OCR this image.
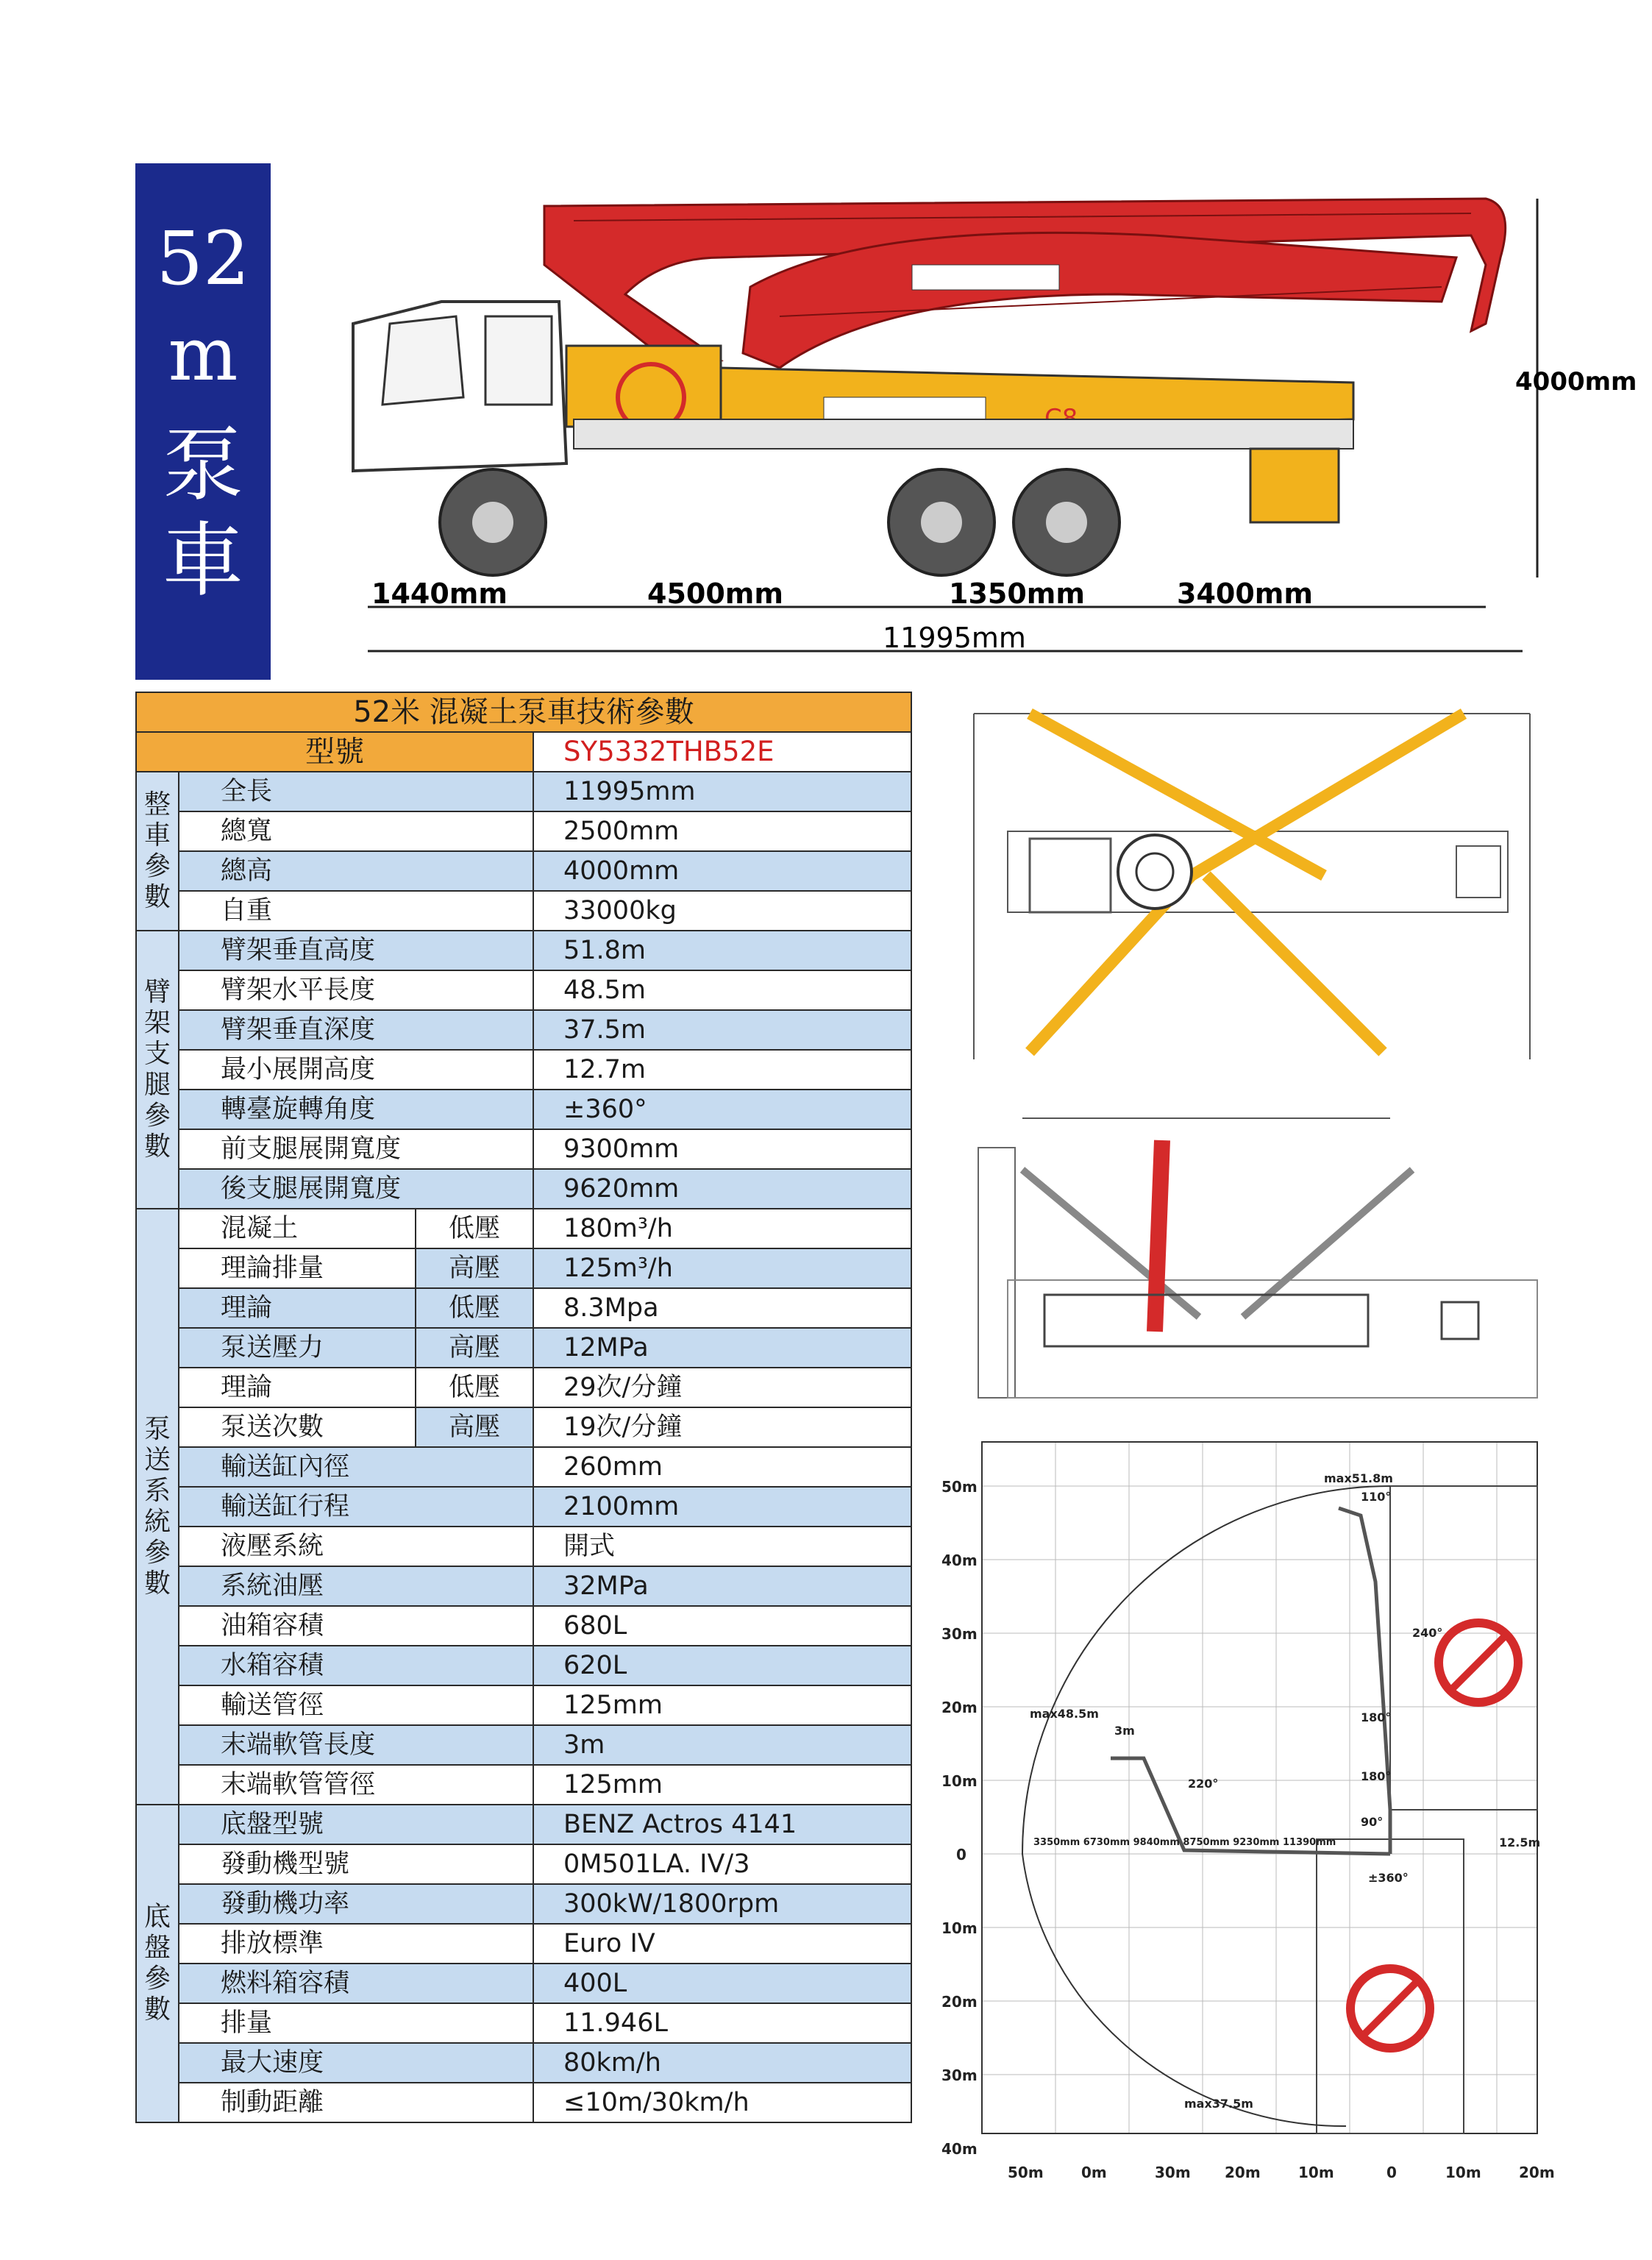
52
m
泵
車
4000mm
1440mm	4500mm	1350mm	3400mm
11995mm
52米 混凝土泵車技術參數			
型號			SY5332THB52E

整車參數	全長		11995mm
	總寬		2500mm
	總高		4000mm
	自重		33000kg

臂架支腿參數	臂架垂直高度		51.8m
	臂架水平長度		48.5m
	臂架垂直深度		37.5m
	最小展開高度		12.7m
	轉臺旋轉角度		±360°
	前支腿展開寬度		9300mm
	後支腿展開寬度		9620mm

泵送系統參數	混凝土	低壓	180m³/h
	理論排量	高壓	125m³/h
	理論	低壓	8.3Mpa
	泵送壓力	高壓	12MPa
	理論	低壓	29次/分鐘
	泵送次數	高壓	19次/分鐘
	輸送缸內徑		260mm
	輸送缸行程		2100mm
	液壓系統		開式
	系統油壓		32MPa
	油箱容積		680L
	水箱容積		620L
	輸送管徑		125mm
	末端軟管長度		3m
	末端軟管管徑		125mm

底盤參數	底盤型號		BENZ Actros 4141
	發動機型號		0M501LA. IV/3
	發動機功率		300kW/1800rpm
	排放標準		Euro IV
	燃料箱容積		400L
	排量		11.946L
	最大速度		80km/h
	制動距離		≤10m/30km/h
50m
40m
30m
20m
10m
0
10m
20m
30m
40m
50m	0m	30m 20m	10m	0	10m	20m
max51.8m
110°
240°
180°
180°
220°
90°
max48.5m
3m
3350mm 6730mm 9840mm 8750mm 9230mm 11390mm
±360°
12.5m
max37.5m
